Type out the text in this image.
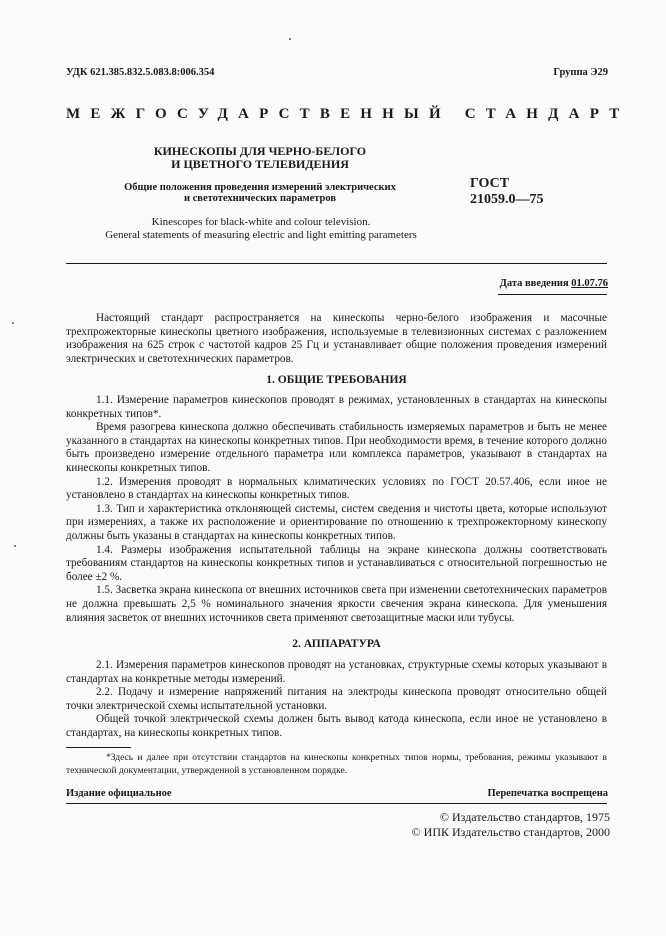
УДК 621.385.832.5.083.8:006.354	Группа Э29
МЕЖГОСУДАРСТВЕННЫЙ СТАНДАРТ
КИНЕСКОПЫ ДЛЯ ЧЕРНО-БЕЛОГО
И ЦВЕТНОГО ТЕЛЕВИДЕНИЯ
Общие положения проведения измерений электрических
и светотехнических параметров
ГОСТ
21059.0—75
Kinescopes for black-white and colour television.
General statements of measuring electric and light emitting parameters
Дата введения 01.07.76

Настоящий стандарт распространяется на кинескопы черно-белого изображения и масочные трехпрожекторные кинескопы цветного изображения, используемые в телевизионных системах с разложением изображения на 625 строк с частотой кадров 25 Гц и устанавливает общие положения проведения измерений электрических и светотехнических параметров.

1. ОБЩИЕ ТРЕБОВАНИЯ

1.1. Измерение параметров кинескопов проводят в режимах, установленных в стандартах на кинескопы конкретных типов*.

Время разогрева кинескопа должно обеспечивать стабильность измеряемых параметров и быть не менее указанного в стандартах на кинескопы конкретных типов. При необходимости время, в течение которого должно быть произведено измерение отдельного параметра или комплекса параметров, указывают в стандартах на кинескопы конкретных типов.

1.2. Измерения проводят в нормальных климатических условиях по ГОСТ 20.57.406, если иное не установлено в стандартах на кинескопы конкретных типов.

1.3. Тип и характеристика отклоняющей системы, систем сведения и чистоты цвета, которые используют при измерениях, а также их расположение и ориентирование по отношению к трехпрожекторному кинескопу должны быть указаны в стандартах на кинескопы конкретных типов.

1.4. Размеры изображения испытательной таблицы на экране кинескопа должны соответствовать требованиям стандартов на кинескопы конкретных типов и устанавливаться с относительной погрешностью не более ±2 %.

1.5. Засветка экрана кинескопа от внешних источников света при изменении светотехнических параметров не должна превышать 2,5 % номинального значения яркости свечения экрана кинескопа. Для уменьшения влияния засветок от внешних источников света применяют светозащитные маски или тубусы.

2. АППАРАТУРА

2.1. Измерения параметров кинескопов проводят на установках, структурные схемы которых указывают в стандартах на конкретные методы измерений.

2.2. Подачу и измерение напряжений питания на электроды кинескопа проводят относительно общей точки электрической схемы испытательной установки.

Общей точкой электрической схемы должен быть вывод катода кинескопа, если иное не установлено в стандартах, на кинескопы конкретных типов.

*Здесь и далее при отсутствии стандартов на кинескопы конкретных типов нормы, требования, режимы указывают в технической документации, утвержденной в установленном порядке.

Издание официальное	Перепечатка воспрещена
© Издательство стандартов, 1975
© ИПК Издательство стандартов, 2000
